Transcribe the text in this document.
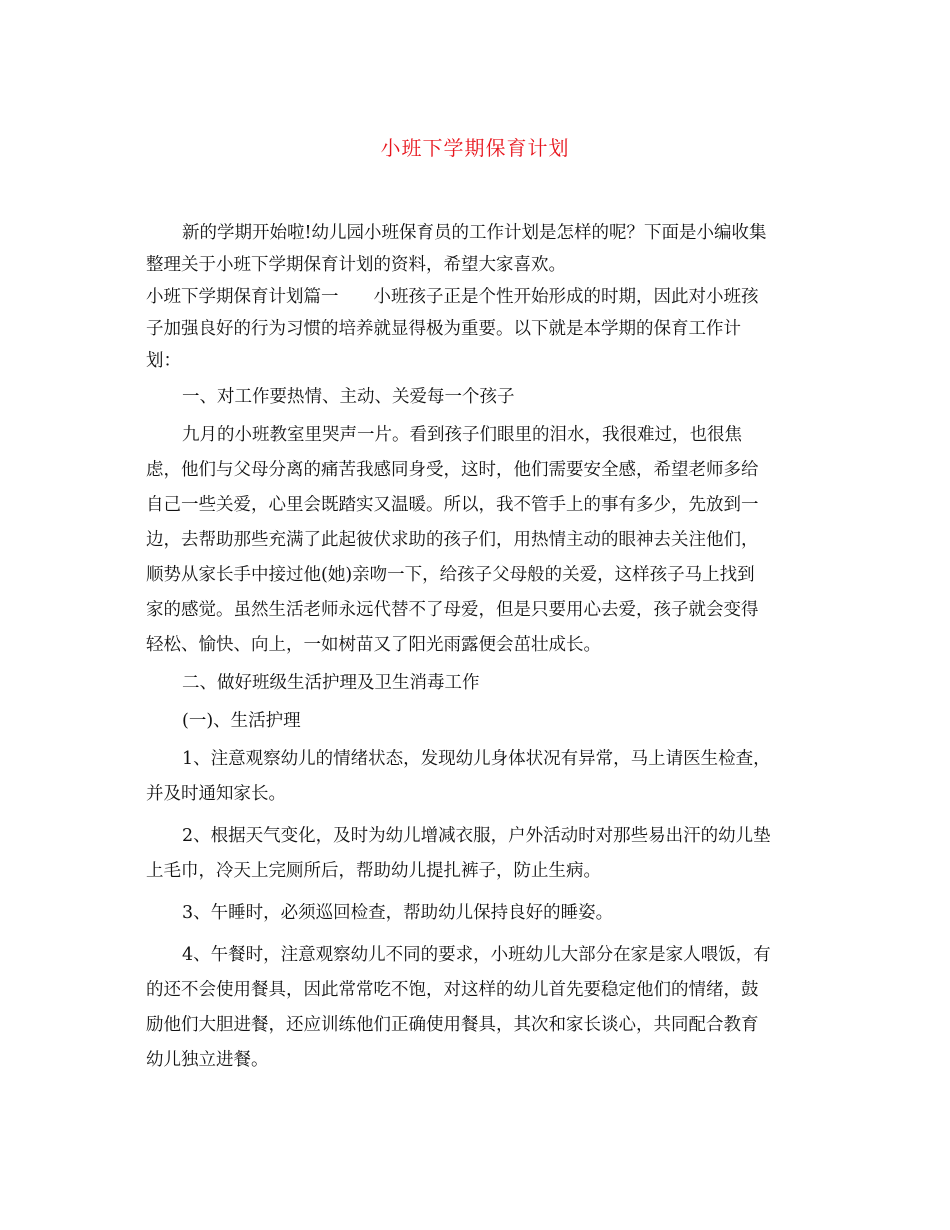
小班下学期保育计划
新的学期开始啦!幼儿园小班保育员的工作计划是怎样的呢？下面是小编收集
整理关于小班下学期保育计划的资料，希望大家喜欢。
小班下学期保育计划篇一　　小班孩子正是个性开始形成的时期，因此对小班孩
子加强良好的行为习惯的培养就显得极为重要。以下就是本学期的保育工作计
划：
一、对工作要热情、主动、关爱每一个孩子
九月的小班教室里哭声一片。看到孩子们眼里的泪水，我很难过，也很焦
虑，他们与父母分离的痛苦我感同身受，这时，他们需要安全感，希望老师多给
自己一些关爱，心里会既踏实又温暖。所以，我不管手上的事有多少，先放到一
边，去帮助那些充满了此起彼伏求助的孩子们，用热情主动的眼神去关注他们，
顺势从家长手中接过他(她)亲吻一下，给孩子父母般的关爱，这样孩子马上找到
家的感觉。虽然生活老师永远代替不了母爱，但是只要用心去爱，孩子就会变得
轻松、愉快、向上，一如树苗又了阳光雨露便会茁壮成长。
二、做好班级生活护理及卫生消毒工作
(一)、生活护理
1、注意观察幼儿的情绪状态，发现幼儿身体状况有异常，马上请医生检查，
并及时通知家长。
2、根据天气变化，及时为幼儿增减衣服，户外活动时对那些易出汗的幼儿垫
上毛巾，冷天上完厕所后，帮助幼儿提扎裤子，防止生病。
3、午睡时，必须巡回检查，帮助幼儿保持良好的睡姿。
4、午餐时，注意观察幼儿不同的要求，小班幼儿大部分在家是家人喂饭，有
的还不会使用餐具，因此常常吃不饱，对这样的幼儿首先要稳定他们的情绪，鼓
励他们大胆进餐，还应训练他们正确使用餐具，其次和家长谈心，共同配合教育
幼儿独立进餐。
